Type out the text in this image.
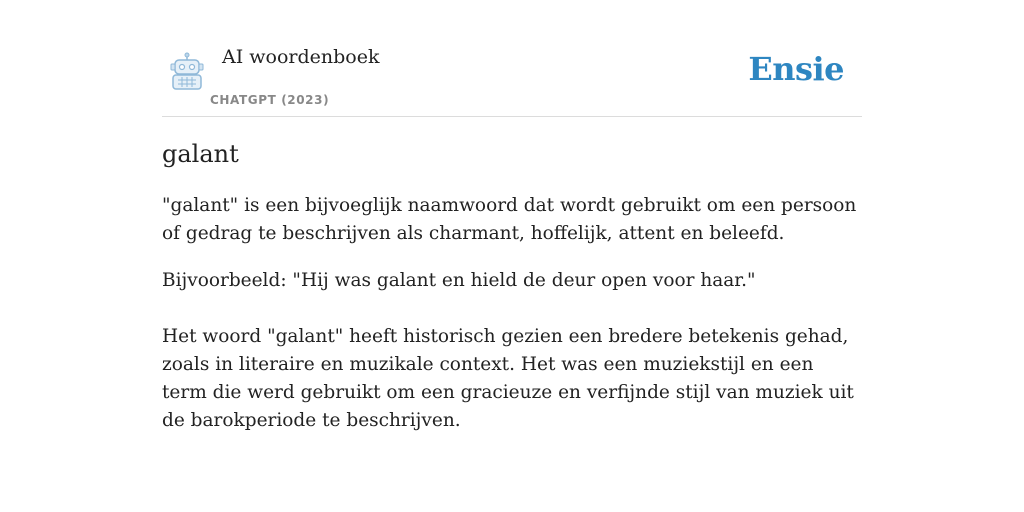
AI woordenboek
CHATGPT (2023)
Ensie
galant

"galant" is een bijvoeglijk naamwoord dat wordt gebruikt om een persoon of gedrag te beschrijven als charmant, hoffelijk, attent en beleefd.

Bijvoorbeeld: "Hij was galant en hield de deur open voor haar."

Het woord "galant" heeft historisch gezien een bredere betekenis gehad, zoals in literaire en muzikale context. Het was een muziekstijl en een term die werd gebruikt om een gracieuze en verfijnde stijl van muziek uit de barokperiode te beschrijven.
